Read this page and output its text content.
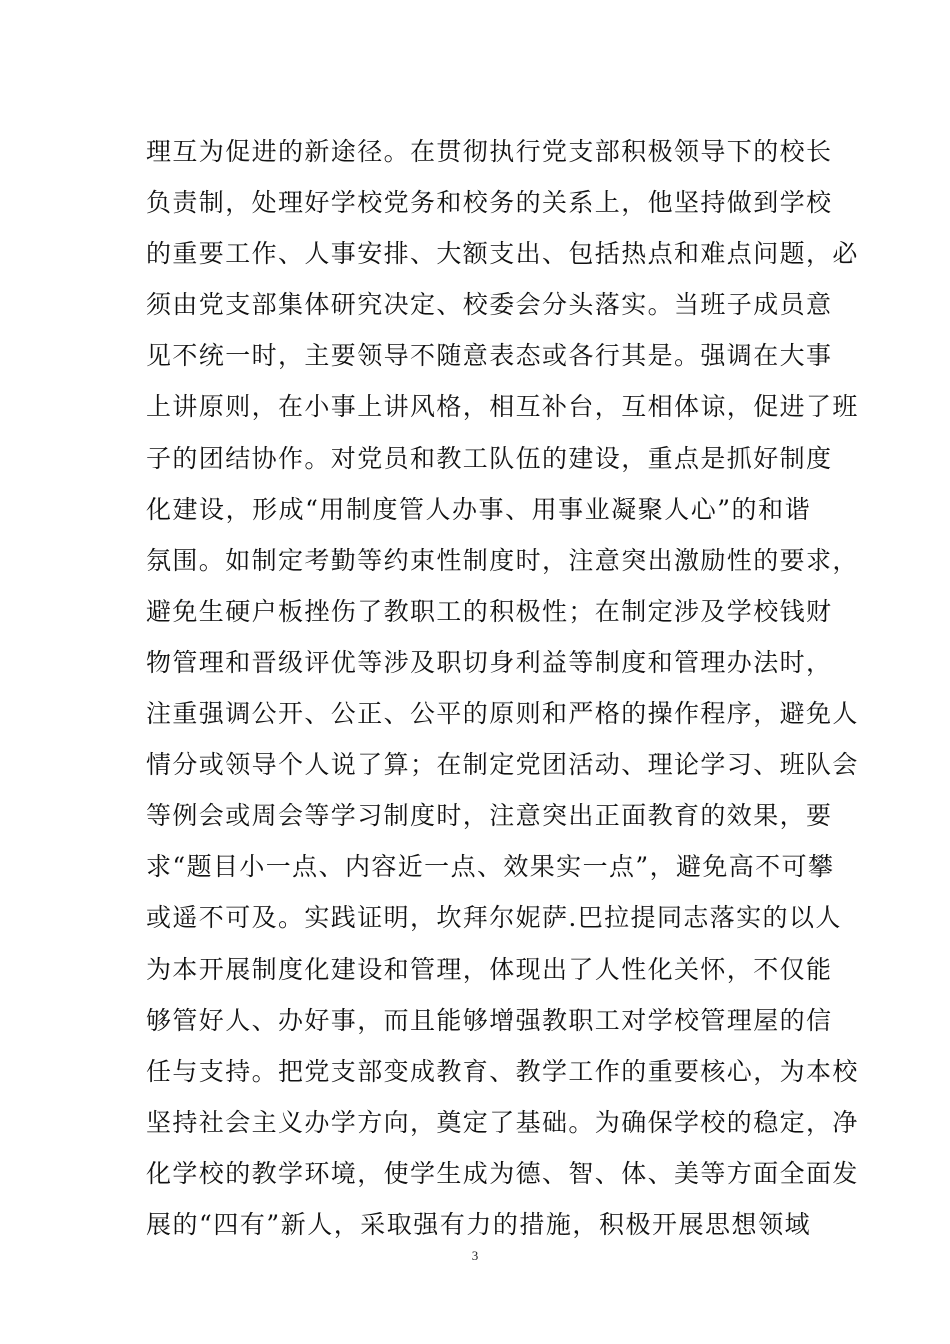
理互为促进的新途径。在贯彻执行党支部积极领导下的校长
负责制，处理好学校党务和校务的关系上，他坚持做到学校
的重要工作、人事安排、大额支出、包括热点和难点问题，必
须由党支部集体研究决定、校委会分头落实。当班子成员意
见不统一时，主要领导不随意表态或各行其是。强调在大事
上讲原则，在小事上讲风格，相互补台，互相体谅，促进了班
子的团结协作。对党员和教工队伍的建设，重点是抓好制度
化建设，形成“用制度管人办事、用事业凝聚人心”的和谐
氛围。如制定考勤等约束性制度时，注意突出激励性的要求，
避免生硬户板挫伤了教职工的积极性；在制定涉及学校钱财
物管理和晋级评优等涉及职切身利益等制度和管理办法时，
注重强调公开、公正、公平的原则和严格的操作程序，避免人
情分或领导个人说了算；在制定党团活动、理论学习、班队会
等例会或周会等学习制度时，注意突出正面教育的效果，要
求“题目小一点、内容近一点、效果实一点”，避免高不可攀
或遥不可及。实践证明，坎拜尔妮萨.巴拉提同志落实的以人
为本开展制度化建设和管理，体现出了人性化关怀，不仅能
够管好人、办好事，而且能够增强教职工对学校管理屋的信
任与支持。把党支部变成教育、教学工作的重要核心，为本校
坚持社会主义办学方向，奠定了基础。为确保学校的稳定，净
化学校的教学环境，使学生成为德、智、体、美等方面全面发
展的“四有”新人，采取强有力的措施，积极开展思想领域
3
